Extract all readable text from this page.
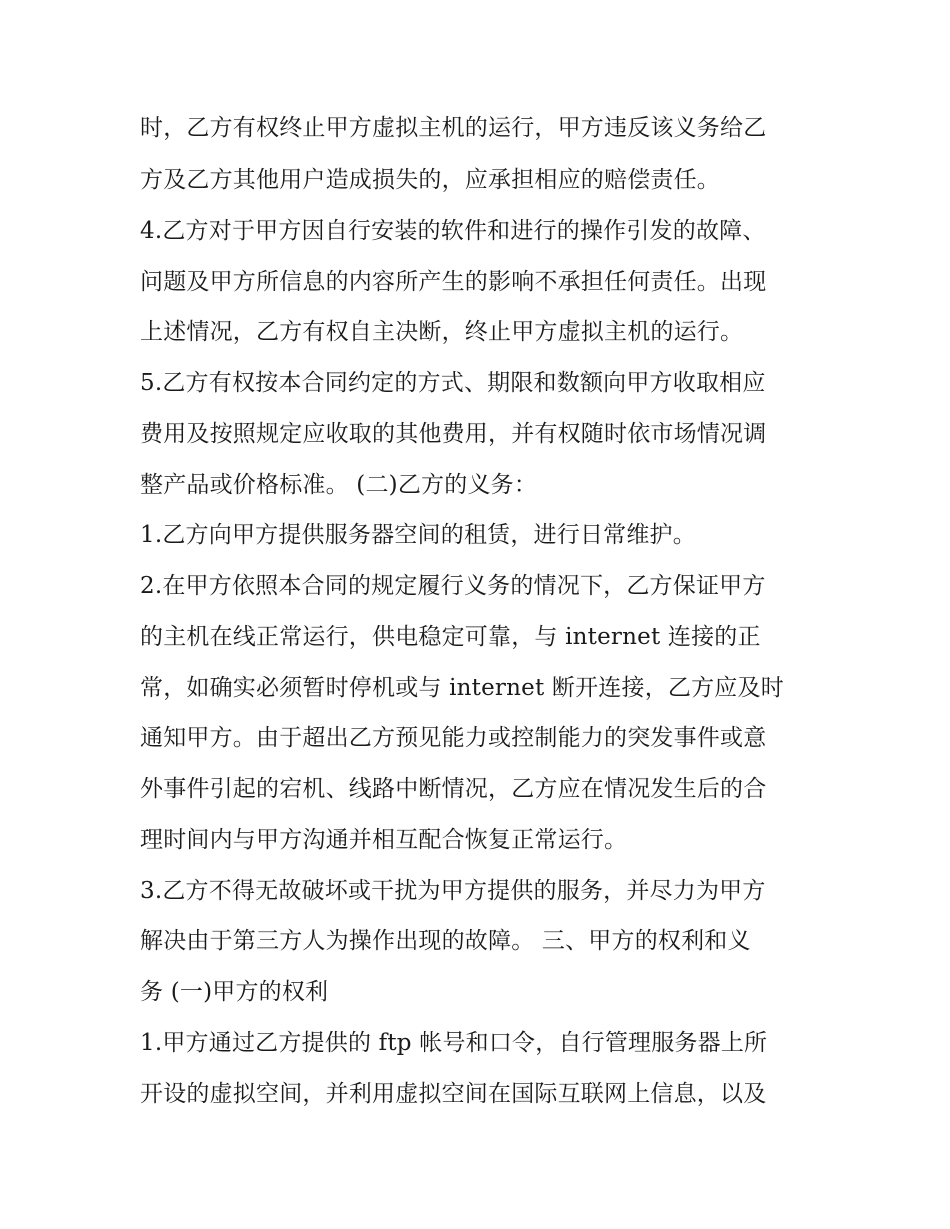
时，乙方有权终止甲方虚拟主机的运行，甲方违反该义务给乙

方及乙方其他用户造成损失的，应承担相应的赔偿责任。

4.乙方对于甲方因自行安装的软件和进行的操作引发的故障、

问题及甲方所信息的内容所产生的影响不承担任何责任。出现

上述情况，乙方有权自主决断，终止甲方虚拟主机的运行。

5.乙方有权按本合同约定的方式、期限和数额向甲方收取相应

费用及按照规定应收取的其他费用，并有权随时依市场情况调

整产品或价格标准。 (二)乙方的义务：

1.乙方向甲方提供服务器空间的租赁，进行日常维护。

2.在甲方依照本合同的规定履行义务的情况下，乙方保证甲方

的主机在线正常运行，供电稳定可靠，与 internet 连接的正

常，如确实必须暂时停机或与 internet 断开连接，乙方应及时

通知甲方。由于超出乙方预见能力或控制能力的突发事件或意

外事件引起的宕机、线路中断情况，乙方应在情况发生后的合

理时间内与甲方沟通并相互配合恢复正常运行。

3.乙方不得无故破坏或干扰为甲方提供的服务，并尽力为甲方

解决由于第三方人为操作出现的故障。 三、甲方的权利和义

务 (一)甲方的权利

1.甲方通过乙方提供的 ftp 帐号和口令，自行管理服务器上所

开设的虚拟空间，并利用虚拟空间在国际互联网上信息，以及
